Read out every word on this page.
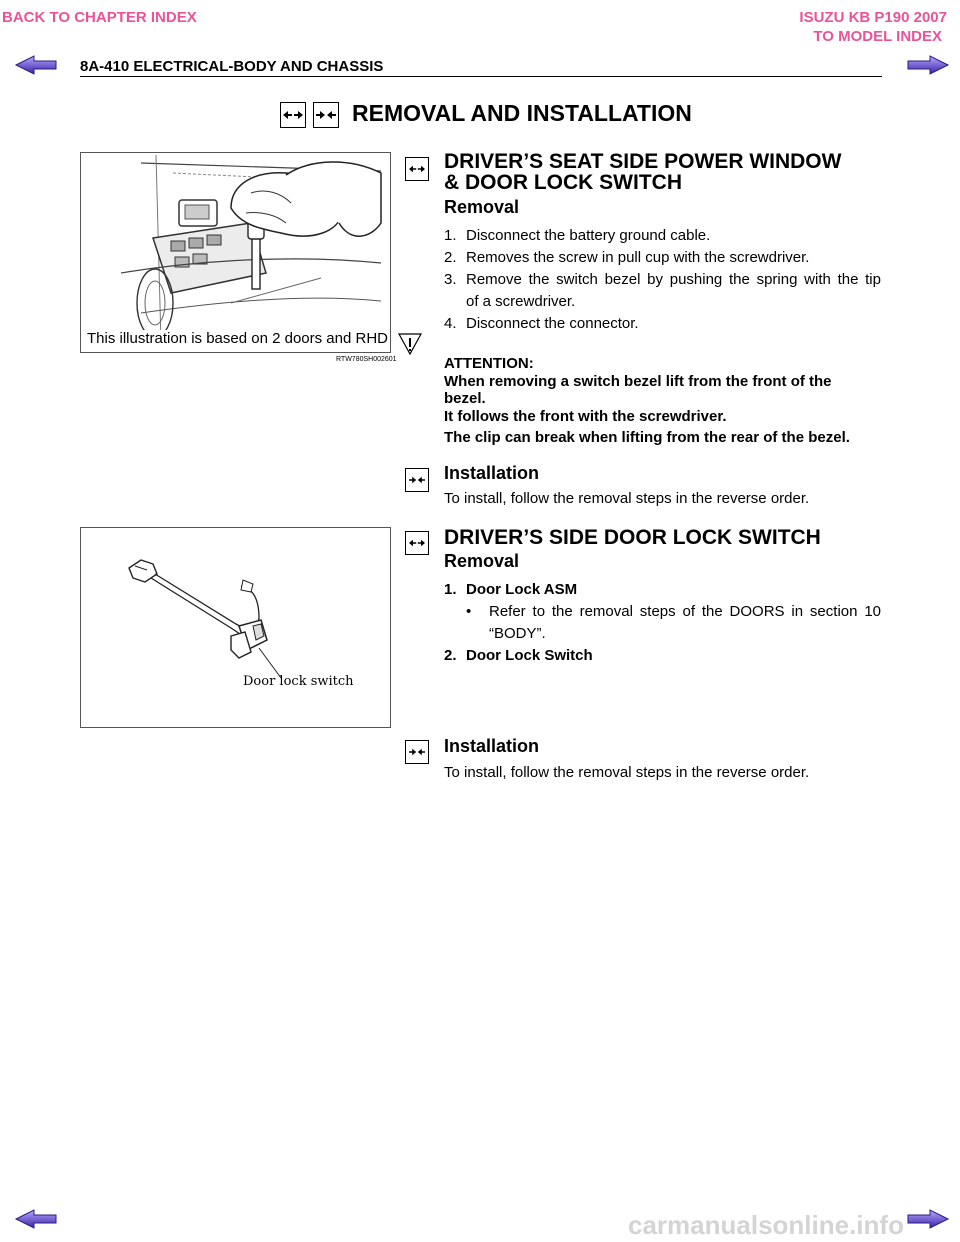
BACK TO CHAPTER INDEX	ISUZU KB P190 2007
TO MODEL INDEX
8A-410 ELECTRICAL-BODY AND CHASSIS
REMOVAL AND INSTALLATION
This illustration is based on 2 doors and RHD
RTW780SH002601
DRIVER’S SEAT SIDE POWER WINDOW
& DOOR LOCK SWITCH
Removal
1. Disconnect the battery ground cable.
2. Removes the screw in pull cup with the screwdriver.
3. Remove the switch bezel by pushing the spring with the tip
of a screwdriver.
4. Disconnect the connector.
ATTENTION:
When removing a switch bezel lift from the front of the
bezel.
It follows the front with the screwdriver.
The clip can break when lifting from the rear of the bezel.
Installation
To install, follow the removal steps in the reverse order.
Door lock switch
DRIVER’S SIDE DOOR LOCK SWITCH
Removal
1. Door Lock ASM
• Refer to the removal steps of the DOORS in section 10
“BODY”.
2. Door Lock Switch
Installation
To install, follow the removal steps in the reverse order.
carmanualsonline.info
